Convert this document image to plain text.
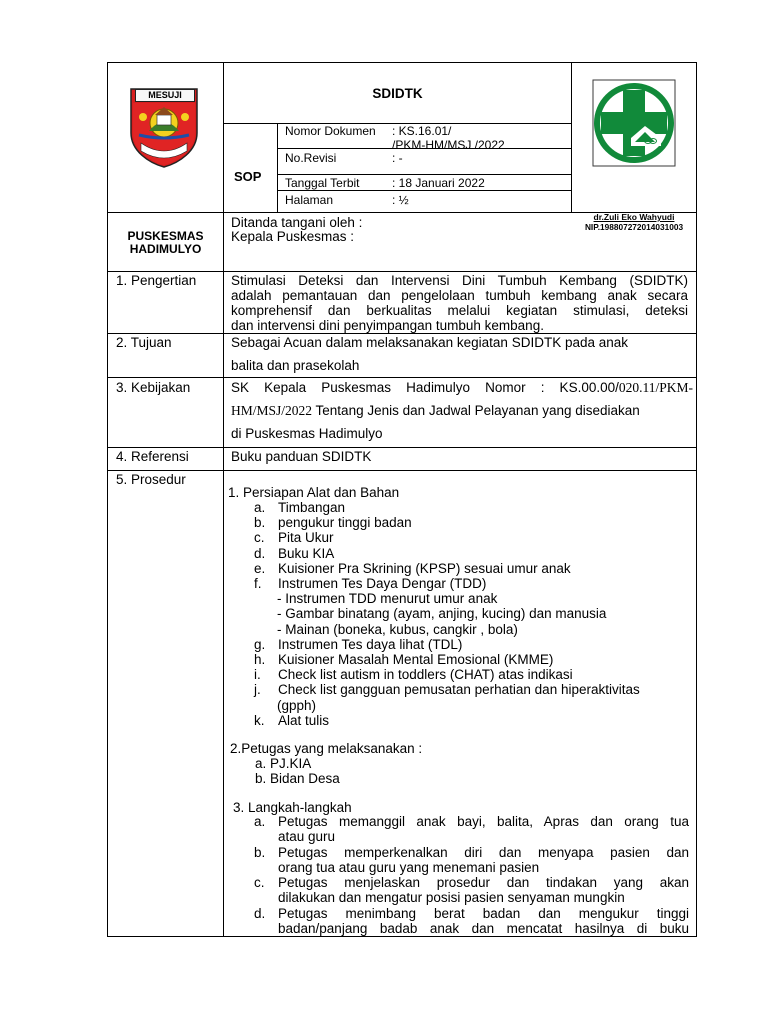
MESUJI	SDIDTK
SOP
Nomor Dokumen : KS.16.01/
/PKM-HM/MSJ /2022
No.Revisi	: -
Tanggal Terbit	: 18 Januari 2022
Halaman	: ½
PUSKESMAS
HADIMULYO
Ditanda tangani oleh :
Kepala Puskesmas :
dr.Zuli Eko Wahyudi
NIP.198807272014031003
1. Pengertian	Stimulasi Deteksi dan Intervensi Dini Tumbuh Kembang (SDIDTK)
adalah pemantauan dan pengelolaan tumbuh kembang anak secara
komprehensif dan berkualitas melalui kegiatan stimulasi, deteksi
dan intervensi dini penyimpangan tumbuh kembang.
2. Tujuan	Sebagai Acuan dalam melaksanakan kegiatan SDIDTK pada anak
balita dan prasekolah
3. Kebijakan	SK Kepala Puskesmas Hadimulyo Nomor : KS.00.00/020.11/PKM-
HM/MSJ/2022 Tentang Jenis dan Jadwal Pelayanan yang disediakan
di Puskesmas Hadimulyo
4. Referensi	Buku panduan SDIDTK
5. Prosedur
1. Persiapan Alat dan Bahan
a. Timbangan
b. pengukur tinggi badan
c. Pita Ukur
d. Buku KIA
e. Kuisioner Pra Skrining (KPSP) sesuai umur anak
f. Instrumen Tes Daya Dengar (TDD)
- Instrumen TDD menurut umur anak
- Gambar binatang (ayam, anjing, kucing) dan manusia
- Mainan (boneka, kubus, cangkir , bola)
g. Instrumen Tes daya lihat (TDL)
h. Kuisioner Masalah Mental Emosional (KMME)
i. Check list autism in toddlers (CHAT) atas indikasi
j. Check list gangguan pemusatan perhatian dan hiperaktivitas
(gpph)
k. Alat tulis
2.Petugas yang melaksanakan :
a. PJ.KIA
b. Bidan Desa
3. Langkah-langkah
a. Petugas memanggil anak bayi, balita, Apras dan orang tua
atau guru
b. Petugas memperkenalkan diri dan menyapa pasien dan
orang tua atau guru yang menemani pasien
c. Petugas menjelaskan prosedur dan tindakan yang akan
dilakukan dan mengatur posisi pasien senyaman mungkin
d. Petugas menimbang berat badan dan mengukur tinggi
badan/panjang badab anak dan mencatat hasilnya di buku
